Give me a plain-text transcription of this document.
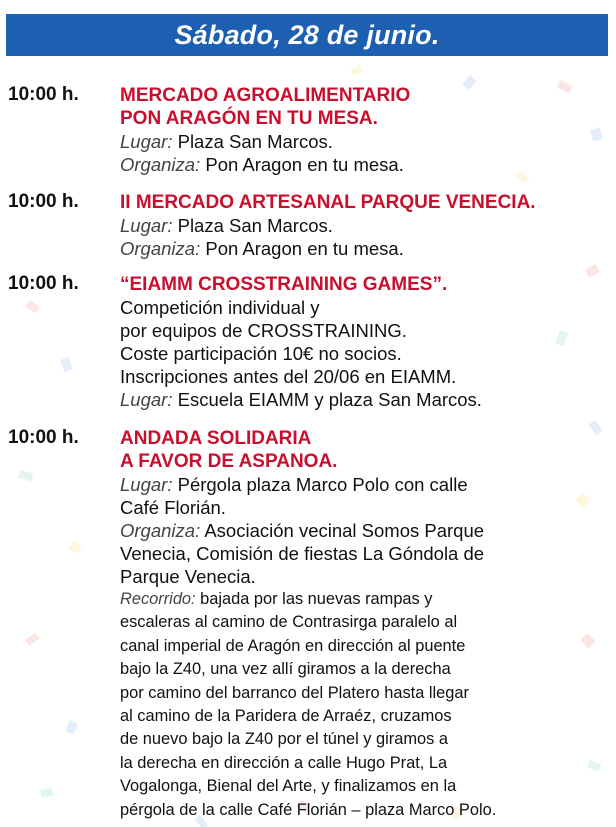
Sábado, 28 de junio.
10:00 h. MERCADO AGROALIMENTARIO

PON ARAGÓN EN TU MESA.

Lugar: Plaza San Marcos.

Organiza: Pon Aragon en tu mesa.

10:00 h. II MERCADO ARTESANAL PARQUE VENECIA.

Lugar: Plaza San Marcos.

Organiza: Pon Aragon en tu mesa.

10:00 h. “EIAMM CROSSTRAINING GAMES”.

Competición individual y

por equipos de CROSSTRAINING.

Coste participación 10€ no socios.

Inscripciones antes del 20/06 en EIAMM.

Lugar: Escuela EIAMM y plaza San Marcos.

10:00 h. ANDADA SOLIDARIA

A FAVOR DE ASPANOA.

Lugar: Pérgola plaza Marco Polo con calle

Café Florián.

Organiza: Asociación vecinal Somos Parque

Venecia, Comisión de fiestas La Góndola de

Parque Venecia.

Recorrido: bajada por las nuevas rampas y

escaleras al camino de Contrasirga paralelo al

canal imperial de Aragón en dirección al puente

bajo la Z40, una vez allí giramos a la derecha

por camino del barranco del Platero hasta llegar

al camino de la Paridera de Arraéz, cruzamos

de nuevo bajo la Z40 por el túnel y giramos a

la derecha en dirección a calle Hugo Prat, La

Vogalonga, Bienal del Arte, y finalizamos en la

pérgola de la calle Café Florián – plaza Marco Polo.
